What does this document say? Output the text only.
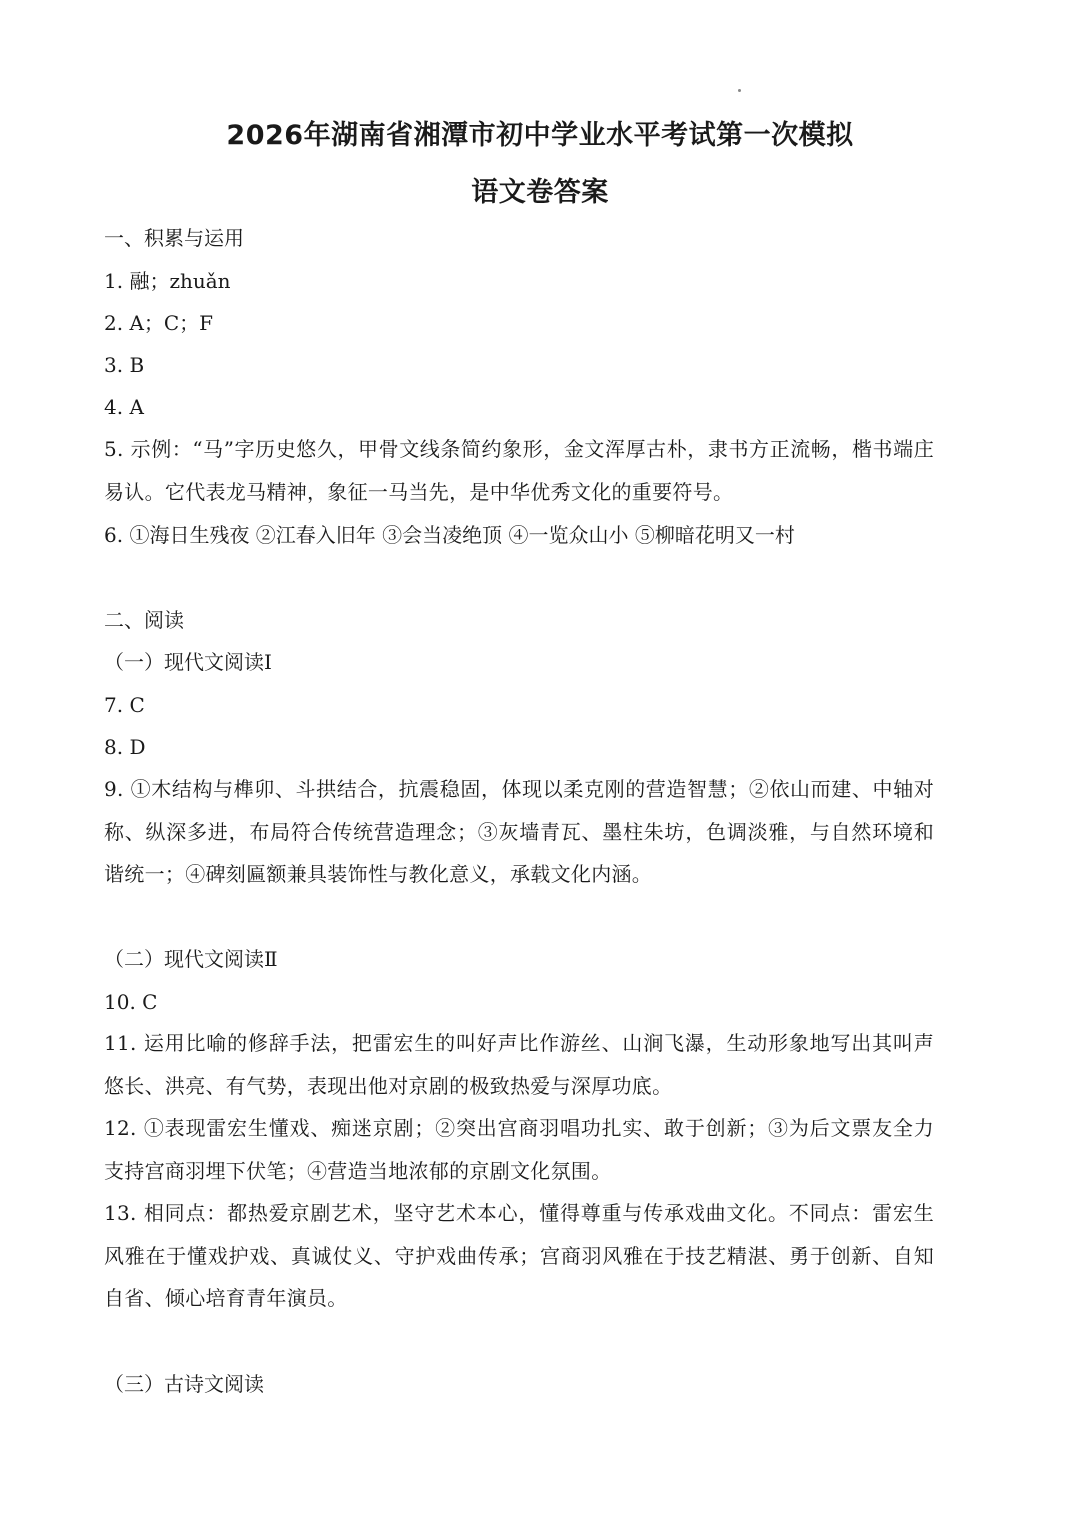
2026年湖南省湘潭市初中学业水平考试第一次模拟
语文卷答案

一、积累与运用

1. 融；zhuǎn

2. A；C；F

3. B

4. A

5. 示例：“马”字历史悠久，甲骨文线条简约象形，金文浑厚古朴，隶书方正流畅，楷书端庄易认。它代表龙马精神，象征一马当先，是中华优秀文化的重要符号。

6. ①海日生残夜 ②江春入旧年 ③会当凌绝顶 ④一览众山小 ⑤柳暗花明又一村

二、阅读

（一）现代文阅读Ⅰ

7. C

8. D

9. ①木结构与榫卯、斗拱结合，抗震稳固，体现以柔克刚的营造智慧；②依山而建、中轴对称、纵深多进，布局符合传统营造理念；③灰墙青瓦、墨柱朱坊，色调淡雅，与自然环境和谐统一；④碑刻匾额兼具装饰性与教化意义，承载文化内涵。

（二）现代文阅读Ⅱ

10. C

11. 运用比喻的修辞手法，把雷宏生的叫好声比作游丝、山涧飞瀑，生动形象地写出其叫声悠长、洪亮、有气势，表现出他对京剧的极致热爱与深厚功底。

12. ①表现雷宏生懂戏、痴迷京剧；②突出宫商羽唱功扎实、敢于创新；③为后文票友全力支持宫商羽埋下伏笔；④营造当地浓郁的京剧文化氛围。

13. 相同点：都热爱京剧艺术，坚守艺术本心，懂得尊重与传承戏曲文化。不同点：雷宏生风雅在于懂戏护戏、真诚仗义、守护戏曲传承；宫商羽风雅在于技艺精湛、勇于创新、自知自省、倾心培育青年演员。

（三）古诗文阅读
